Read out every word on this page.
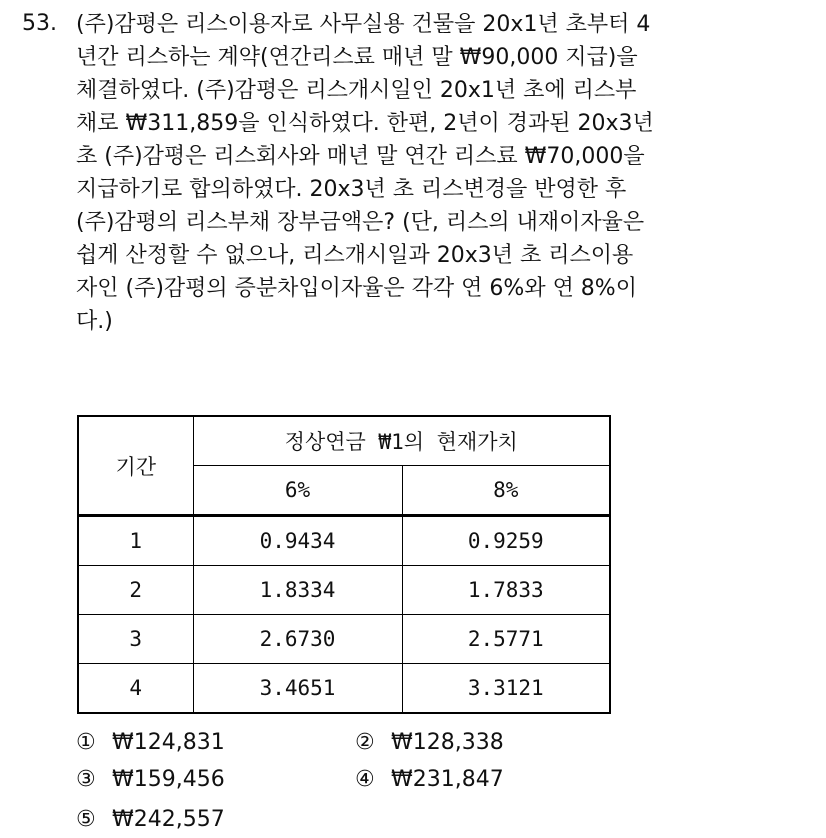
53. (주)감평은 리스이용자로 사무실용 건물을 20x1년 초부터 4
년간 리스하는 계약(연간리스료 매년 말 ₩90,000 지급)을
체결하였다. (주)감평은 리스개시일인 20x1년 초에 리스부
채로 ₩311,859을 인식하였다. 한편, 2년이 경과된 20x3년
초 (주)감평은 리스회사와 매년 말 연간 리스료 ₩70,000을
지급하기로 합의하였다. 20x3년 초 리스변경을 반영한 후
(주)감평의 리스부채 장부금액은? (단, 리스의 내재이자율은
쉽게 산정할 수 없으나, 리스개시일과 20x3년 초 리스이용
자인 (주)감평의 증분차입이자율은 각각 연 6%와 연 8%이
다.)
기간	정상연금 ₩1의 현재가치	
	6%	8%
1	0.9434	0.9259
2	1.8334	1.7833
3	2.6730	2.5771
4	3.4651	3.3121
① ₩124,831	② ₩128,338
③ ₩159,456	④ ₩231,847
⑤ ₩242,557
